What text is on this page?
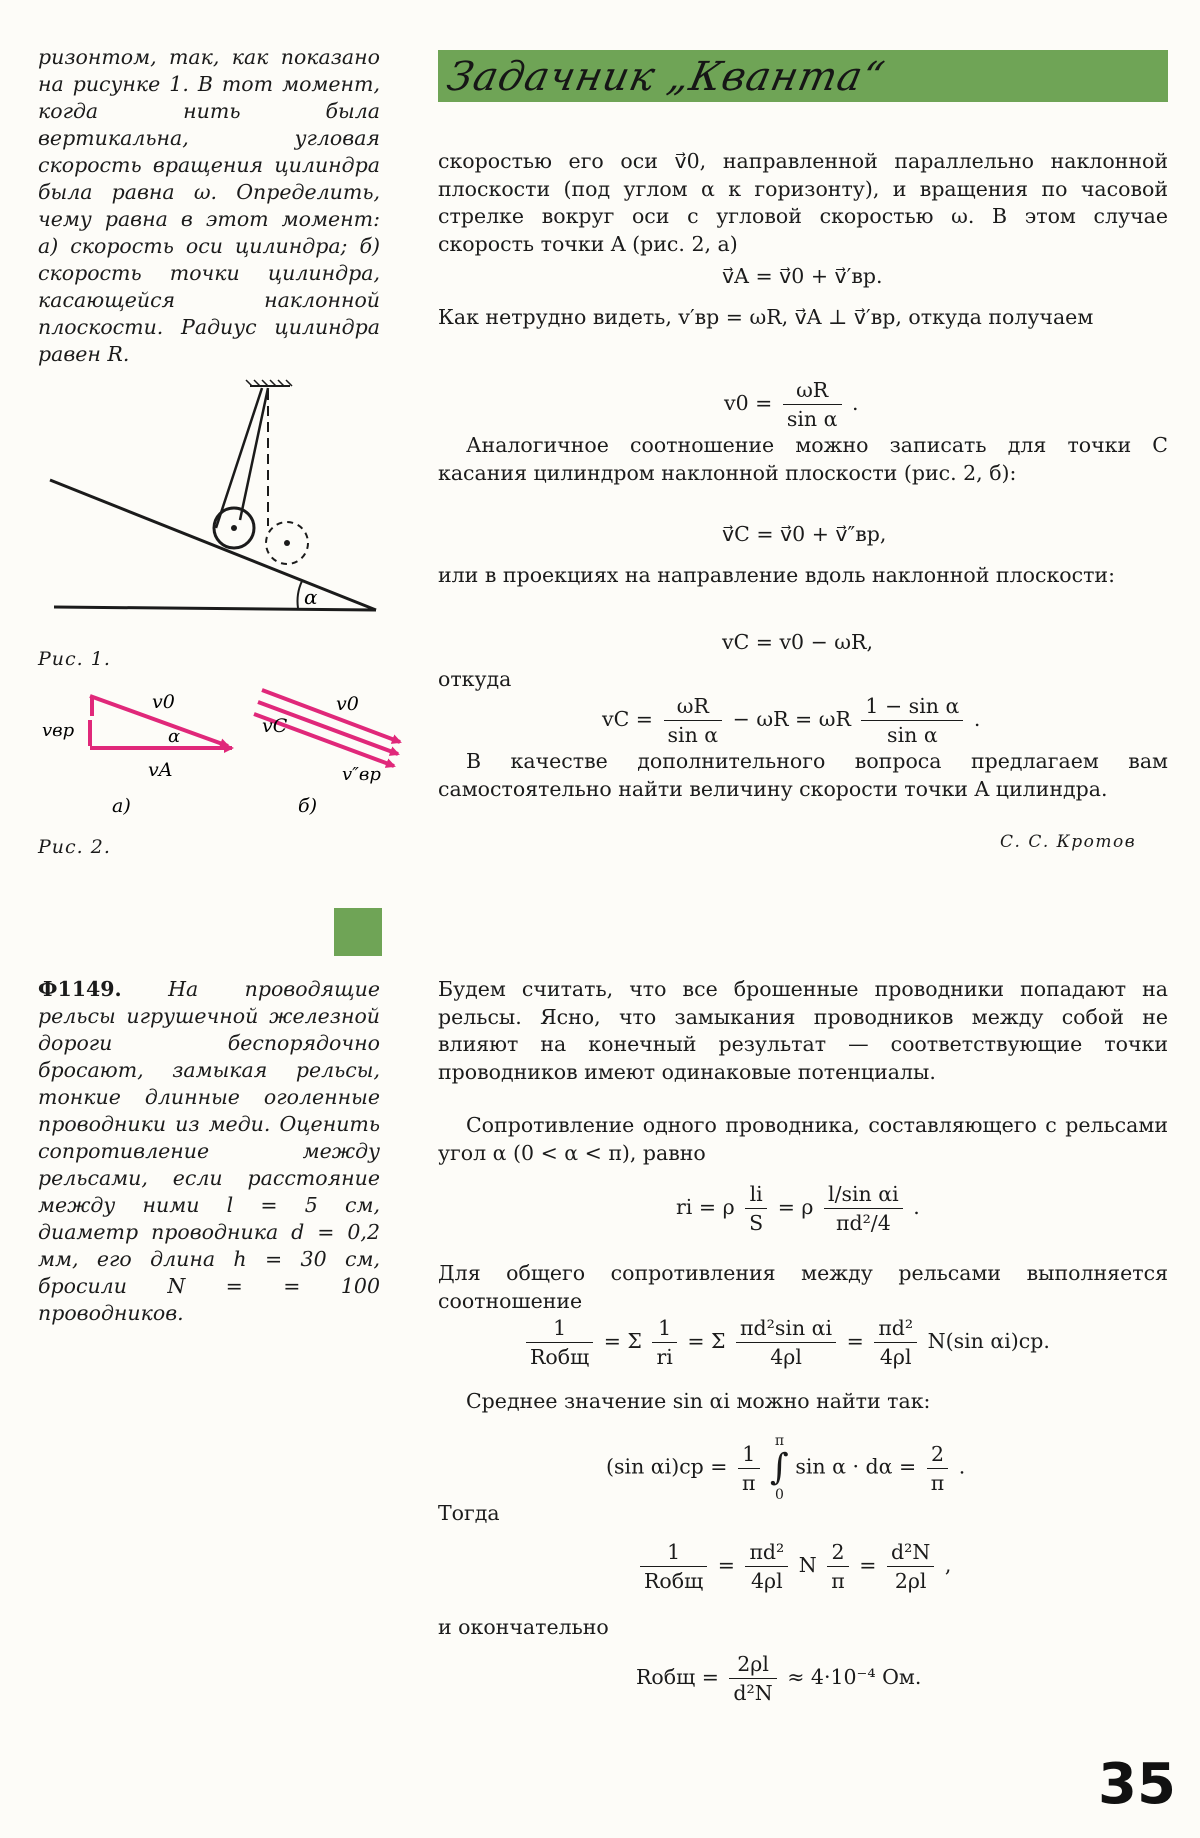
Задачник „Кванта“
ризонтом, так, как показано на рисунке 1. В тот момент, когда нить была вертикальна, угловая скорость вращения цилиндра была равна ω. Определить, чему равна в этот момент: а) скорость оси цилиндра; б) скорость точки цилиндра, касающейся наклонной плоскости. Радиус цилиндра равен R.
α
Рис. 1.
v0
vвр
vA
α	vC
v0
v″вр
а)	б)
Рис. 2.

скоростью его оси v⃗0, направленной параллельно наклонной плоскости (под углом α к горизонту), и вращения по часовой стрелке вокруг оси с угловой скоростью ω. В этом случае скорость точки A (рис. 2, а)

v⃗A = v⃗0 + v⃗′вр.

Как нетрудно видеть, v′вр = ωR, v⃗A ⊥ v⃗′вр, откуда получаем

$v0 = \frac{\omega R}{\text{sin α}}$ .

Аналогичное соотношение можно записать для точки C касания цилиндром наклонной плоскости (рис. 2, б):

v⃗C = v⃗0 + v⃗″вр,

или в проекциях на направление вдоль наклонной плоскости:

vC = v0 − ωR,

откуда

vC = $\frac{\omega R}{\text{sin α}} - \omega R = \omega R \frac{\text{1 − sin α}}{\text{sin α}}$ .

В качестве дополнительного вопроса предлагаем вам самостоятельно найти величину скорости точки A цилиндра.

С. С. Кротов
Ф1149. На проводящие рельсы игрушечной железной дороги беспорядочно бросают, замыкая рельсы, тонкие длинные оголенные проводники из меди. Оценить сопротивление между рельсами, если расстояние между ними l = 5 см, диаметр проводника d = 0,2 мм, его длина h = 30 см, бросили N = = 100 проводников.

Будем считать, что все брошенные проводники попадают на рельсы. Ясно, что замыкания проводников между собой не влияют на конечный результат — соответствующие точки проводников имеют одинаковые потенциалы.

Сопротивление одного проводника, составляющего с рельсами угол α (0 < α < π), равно

ri = ρ $\frac{li}{S} = \rho \frac{\text{l/sin αi}}{\text{πd²/4}}$ .

Для общего сопротивления между рельсами выполняется соотношение

$\frac{1}{\text{Rобщ}} = \Sigma \frac{1}{ri} = \Sigma \frac{\text{πd²sin αi}}{4\rho l} = \frac{\text{πd²}}{4\rho l} N(\sin$ αi)ср.

Среднее значение sin αi можно найти так:

(sin $\alpha i)ср = \frac{1}{\pi}$

π
∫
0
$\sin \alpha \cdot d\alpha = \frac{2}{\pi}$ .

Тогда

$\frac{1}{\text{Rобщ}} = \frac{\text{πd²}}{4\rho l}$ N $\frac{2}{\pi} = \frac{\text{d²N}}{2\rho l}$ ,

и окончательно

Rобщ = $\frac{2\rho l}{\text{d²N}} \approx 4\cdot 10^{-4}$ Ом.
35
